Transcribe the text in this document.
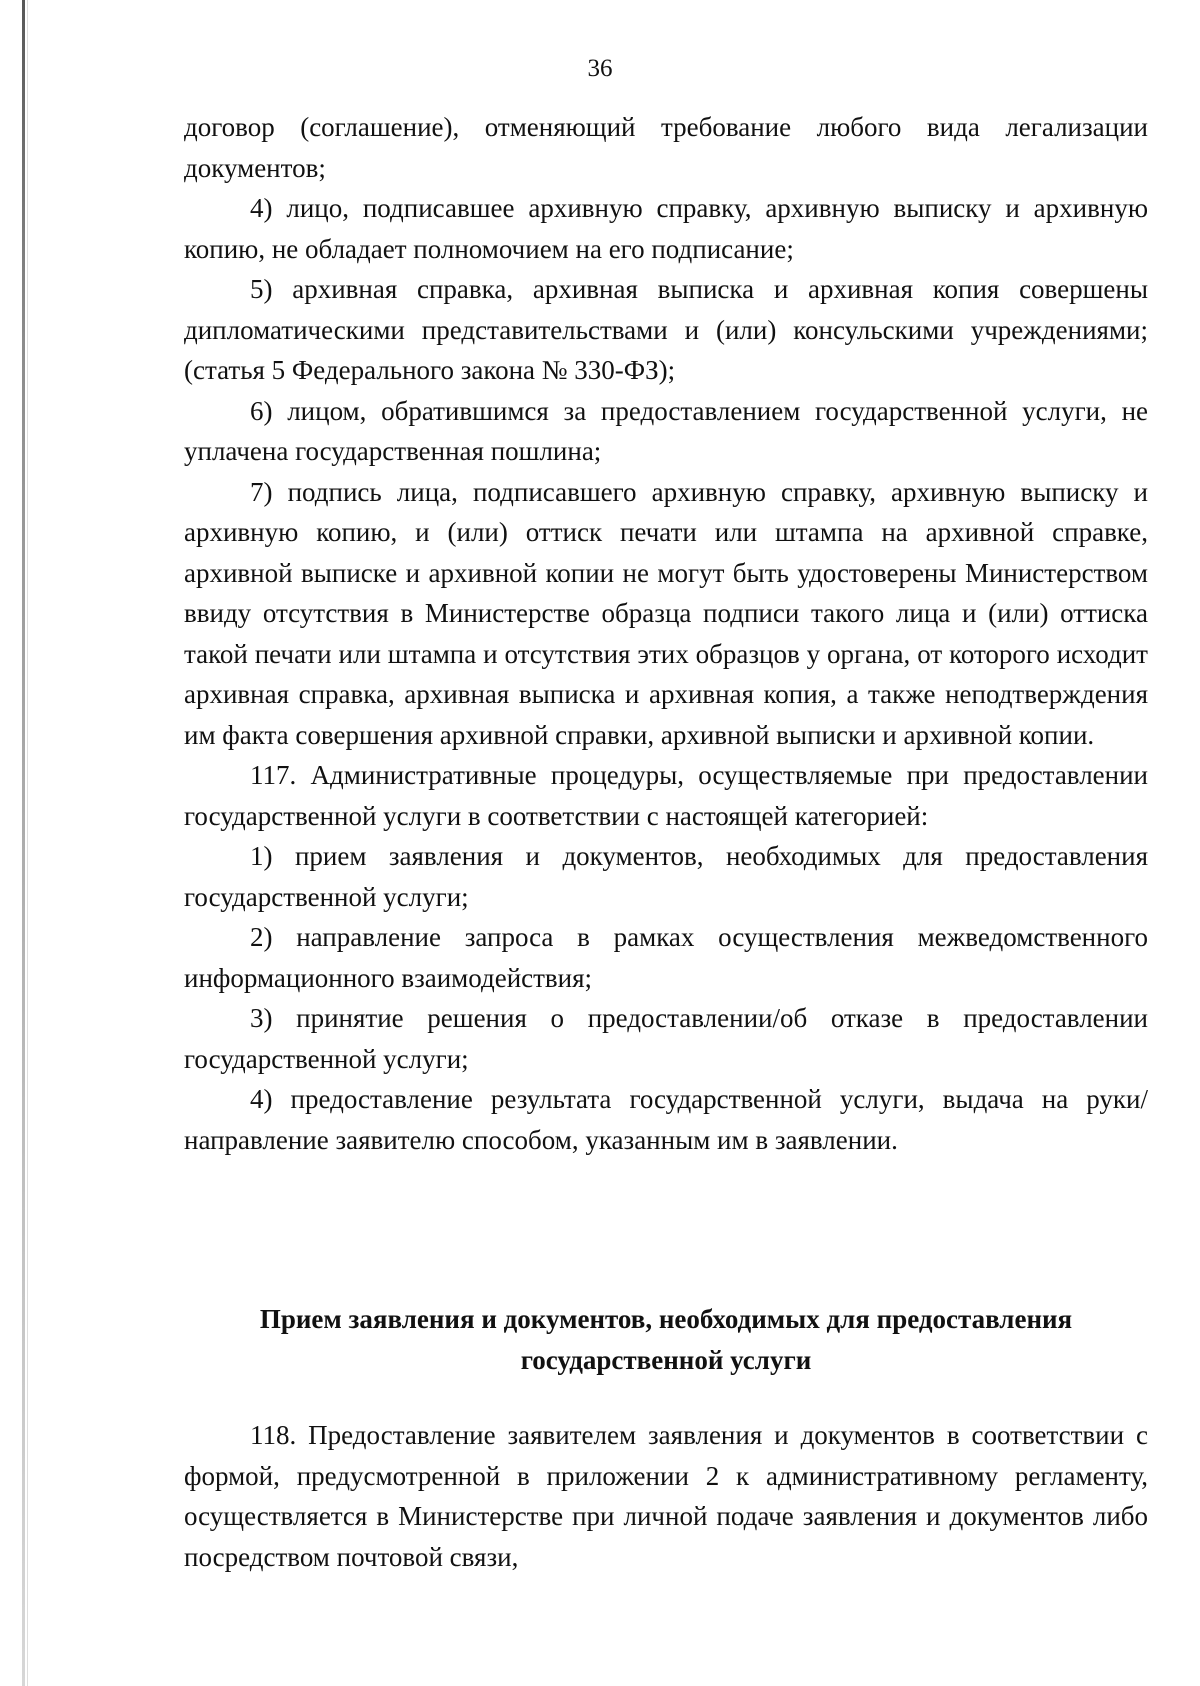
36

договор (соглашение), отменяющий требование любого вида легализации документов;

4) лицо, подписавшее архивную справку, архивную выписку и архивную копию, не обладает полномочием на его подписание;

5) архивная справка, архивная выписка и архивная копия совершены дипломатическими представительствами и (или) консульскими учреждениями; (статья 5 Федерального закона № 330-ФЗ);

6) лицом, обратившимся за предоставлением государственной услуги, не уплачена государственная пошлина;

7) подпись лица, подписавшего архивную справку, архивную выписку и архивную копию, и (или) оттиск печати или штампа на архивной справке, архивной выписке и архивной копии не могут быть удостоверены Министерством ввиду отсутствия в Министерстве образца подписи такого лица и (или) оттиска такой печати или штампа и отсутствия этих образцов у органа, от которого исходит архивная справка, архивная выписка и архивная копия, а также неподтверждения им факта совершения архивной справки, архивной выписки и архивной копии.

117. Административные процедуры, осуществляемые при предоставлении государственной услуги в соответствии с настоящей категорией:

1) прием заявления и документов, необходимых для предоставления государственной услуги;

2) направление запроса в рамках осуществления межведомственного информационного взаимодействия;

3) принятие решения о предоставлении/об отказе в предоставлении государственной услуги;

4) предоставление результата государственной услуги, выдача на руки/ направление заявителю способом, указанным им в заявлении.

Прием заявления и документов, необходимых для предоставления
государственной услуги

118. Предоставление заявителем заявления и документов в соответствии с формой, предусмотренной в приложении 2 к административному регламенту, осуществляется в Министерстве при личной подаче заявления и документов либо посредством почтовой связи,
